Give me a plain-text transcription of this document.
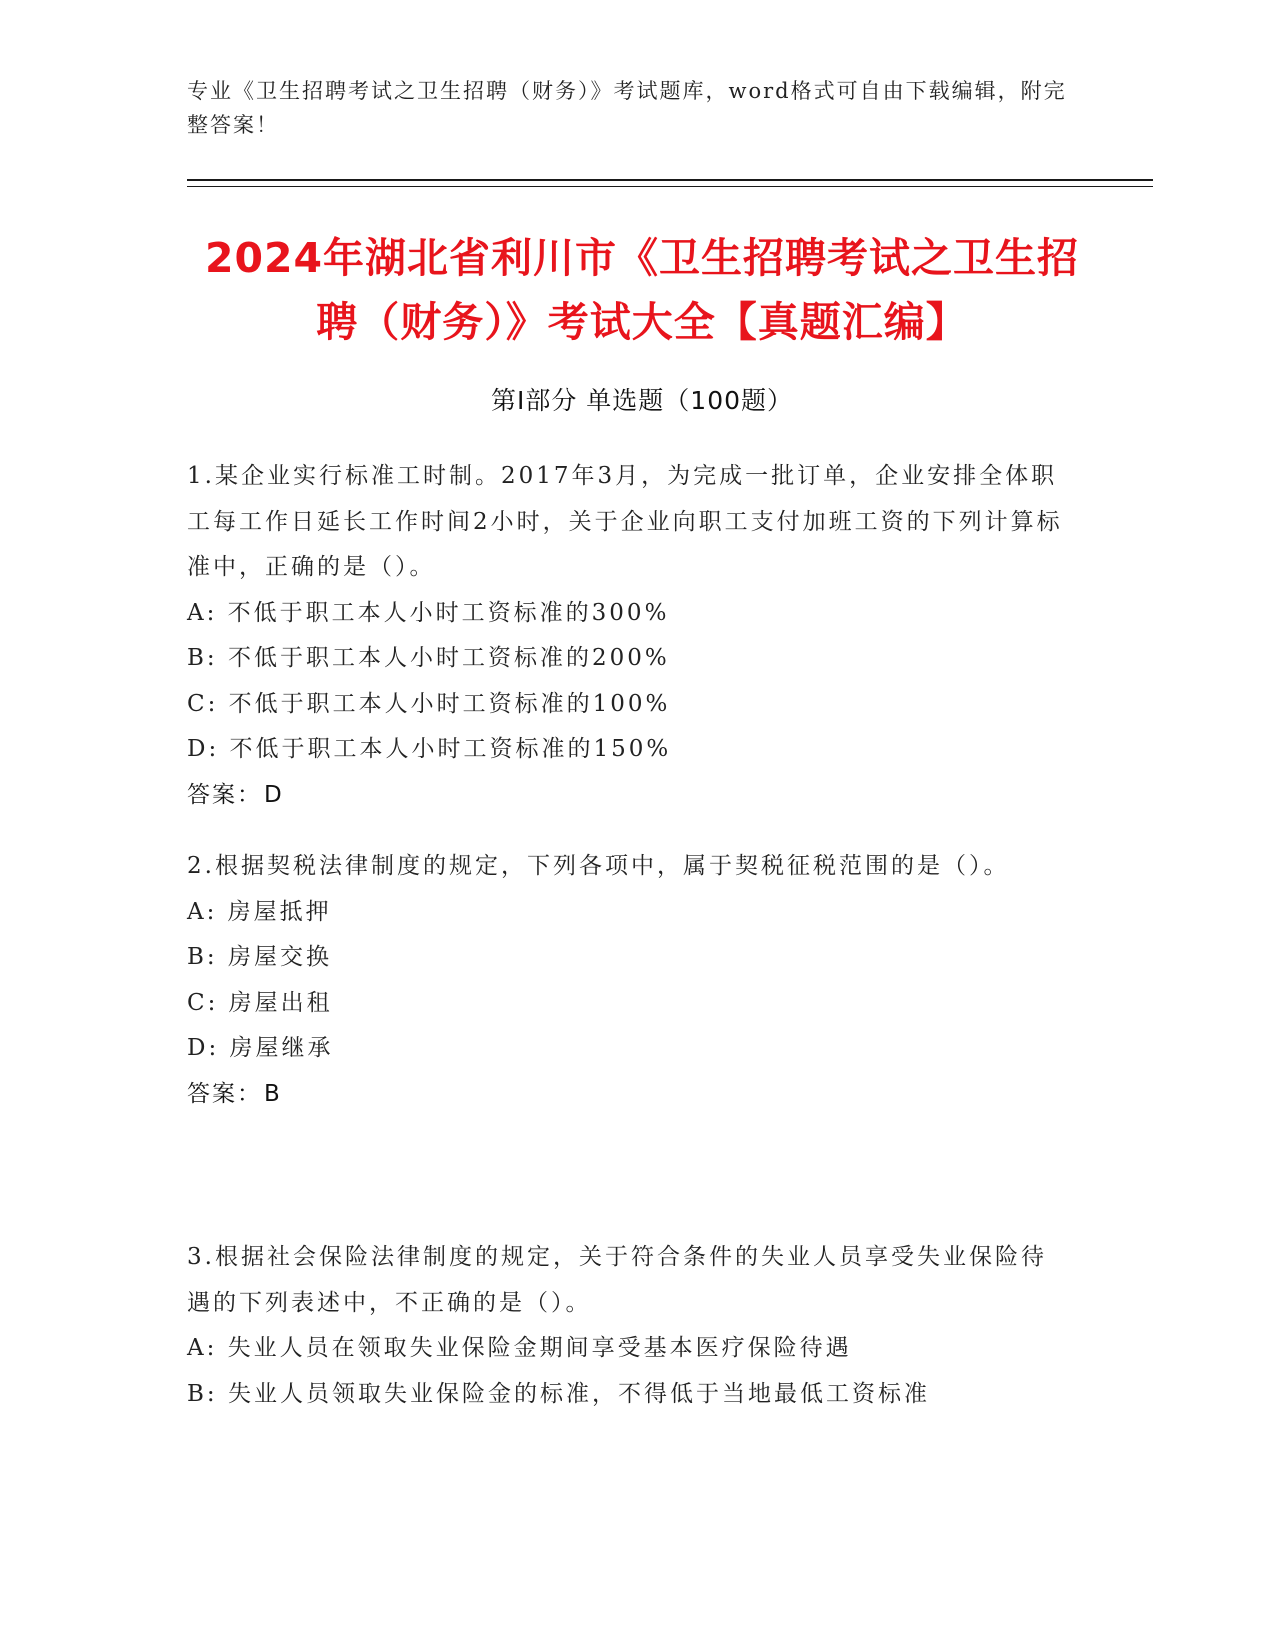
专业《卫生招聘考试之卫生招聘（财务）》考试题库，word格式可自由下载编辑，附完整答案！
2024年湖北省利川市《卫生招聘考试之卫生招聘（财务）》考试大全【真题汇编】
第I部分 单选题（100题）

1.某企业实行标准工时制。2017年3月，为完成一批订单，企业安排全体职工每工作日延长工作时间2小时，关于企业向职工支付加班工资的下列计算标准中，正确的是（）。

A: 不低于职工本人小时工资标准的300%

B: 不低于职工本人小时工资标准的200%

C: 不低于职工本人小时工资标准的100%

D: 不低于职工本人小时工资标准的150%

答案：D

2.根据契税法律制度的规定，下列各项中，属于契税征税范围的是（）。

A: 房屋抵押

B: 房屋交换

C: 房屋出租

D: 房屋继承

答案：B

3.根据社会保险法律制度的规定，关于符合条件的失业人员享受失业保险待遇的下列表述中，不正确的是（）。

A: 失业人员在领取失业保险金期间享受基本医疗保险待遇

B: 失业人员领取失业保险金的标准，不得低于当地最低工资标准
